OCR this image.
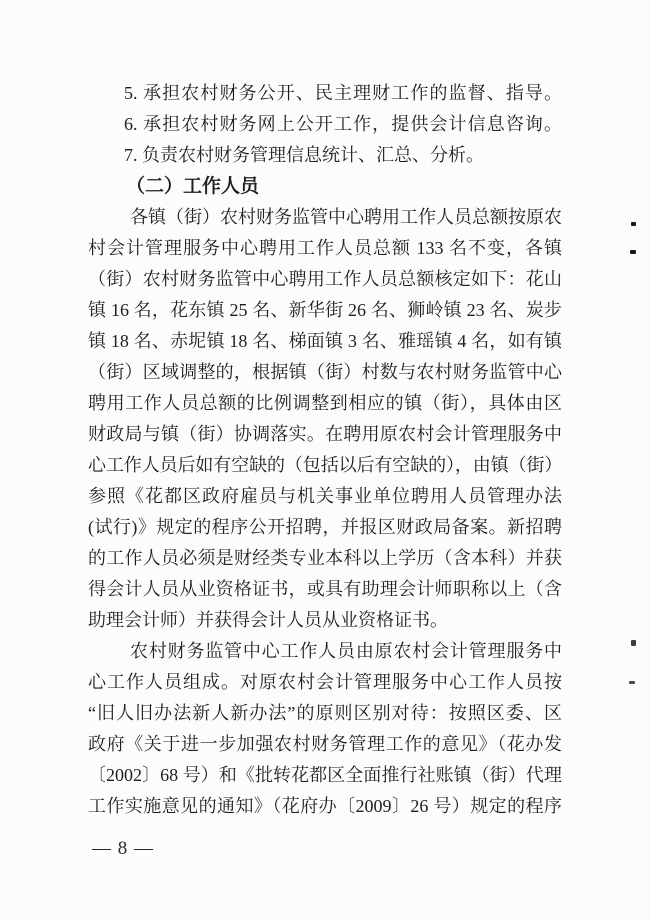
5. 承担农村财务公开、民主理财工作的监督、指导。
6. 承担农村财务网上公开工作，提供会计信息咨询。
7. 负责农村财务管理信息统计、汇总、分析。
（二）工作人员
各镇（街）农村财务监管中心聘用工作人员总额按原农
村会计管理服务中心聘用工作人员总额 133 名不变，各镇
（街）农村财务监管中心聘用工作人员总额核定如下：花山
镇 16 名，花东镇 25 名、新华街 26 名、狮岭镇 23 名、炭步
镇 18 名、赤坭镇 18 名、梯面镇 3 名、雅瑶镇 4 名，如有镇
（街）区域调整的，根据镇（街）村数与农村财务监管中心
聘用工作人员总额的比例调整到相应的镇（街），具体由区
财政局与镇（街）协调落实。在聘用原农村会计管理服务中
心工作人员后如有空缺的（包括以后有空缺的），由镇（街）
参照《花都区政府雇员与机关事业单位聘用人员管理办法
(试行)》规定的程序公开招聘，并报区财政局备案。新招聘
的工作人员必须是财经类专业本科以上学历（含本科）并获
得会计人员从业资格证书，或具有助理会计师职称以上（含
助理会计师）并获得会计人员从业资格证书。
农村财务监管中心工作人员由原农村会计管理服务中
心工作人员组成。对原农村会计管理服务中心工作人员按
“旧人旧办法新人新办法”的原则区别对待：按照区委、区
政府《关于进一步加强农村财务管理工作的意见》（花办发
〔2002〕68 号）和《批转花都区全面推行社账镇（街）代理
工作实施意见的通知》（花府办〔2009〕26 号）规定的程序
— 8 —
